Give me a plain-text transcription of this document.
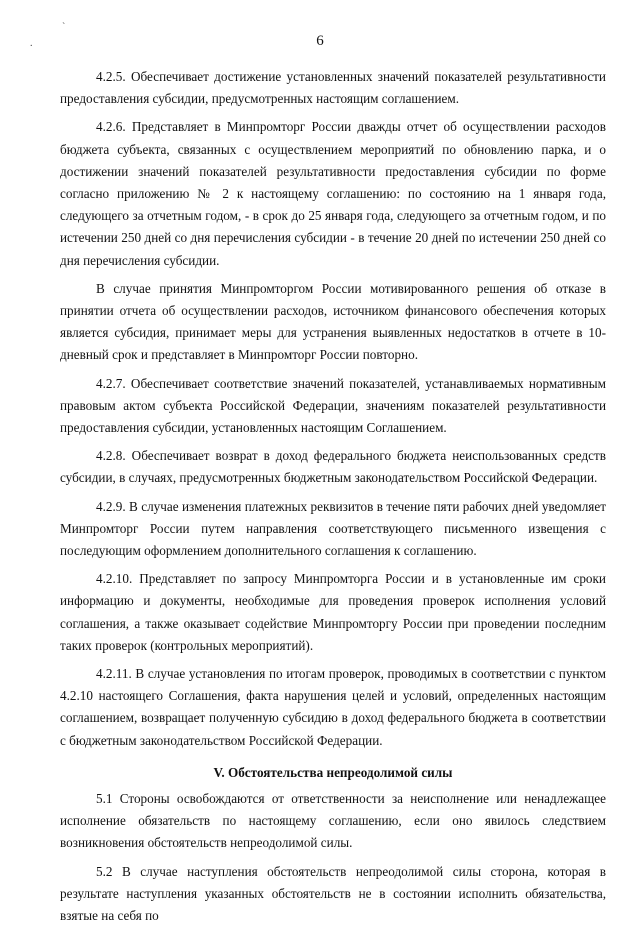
`
.	6

4.2.5. Обеспечивает достижение установленных значений показателей результативности предоставления субсидии, предусмотренных настоящим соглашением.

4.2.6. Представляет в Минпромторг России дважды отчет об осуществлении расходов бюджета субъекта, связанных с осуществлением мероприятий по обновлению парка, и о достижении значений показателей результативности предоставления субсидии по форме согласно приложению № 2 к настоящему соглашению: по состоянию на 1 января года, следующего за отчетным годом, - в срок до 25 января года, следующего за отчетным годом, и по истечении 250 дней со дня перечисления субсидии - в течение 20 дней по истечении 250 дней со дня перечисления субсидии.

В случае принятия Минпромторгом России мотивированного решения об отказе в принятии отчета об осуществлении расходов, источником финансового обеспечения которых является субсидия, принимает меры для устранения выявленных недостатков в отчете в 10-дневный срок и представляет в Минпромторг России повторно.

4.2.7. Обеспечивает соответствие значений показателей, устанавливаемых нормативным правовым актом субъекта Российской Федерации, значениям показателей результативности предоставления субсидии, установленных настоящим Соглашением.

4.2.8. Обеспечивает возврат в доход федерального бюджета неиспользованных средств субсидии, в случаях, предусмотренных бюджетным законодательством Российской Федерации.

4.2.9. В случае изменения платежных реквизитов в течение пяти рабочих дней уведомляет Минпромторг России путем направления соответствующего письменного извещения с последующим оформлением дополнительного соглашения к соглашению.

4.2.10. Представляет по запросу Минпромторга России и в установленные им сроки информацию и документы, необходимые для проведения проверок исполнения условий соглашения, а также оказывает содействие Минпромторгу России при проведении последним таких проверок (контрольных мероприятий).

4.2.11. В случае установления по итогам проверок, проводимых в соответствии с пунктом 4.2.10 настоящего Соглашения, факта нарушения целей и условий, определенных настоящим соглашением, возвращает полученную субсидию в доход федерального бюджета в соответствии с бюджетным законодательством Российской Федерации.

V. Обстоятельства непреодолимой силы

5.1 Стороны освобождаются от ответственности за неисполнение или ненадлежащее исполнение обязательств по настоящему соглашению, если оно явилось следствием возникновения обстоятельств непреодолимой силы.

5.2 В случае наступления обстоятельств непреодолимой силы сторона, которая в результате наступления указанных обстоятельств не в состоянии исполнить обязательства, взятые на себя по
